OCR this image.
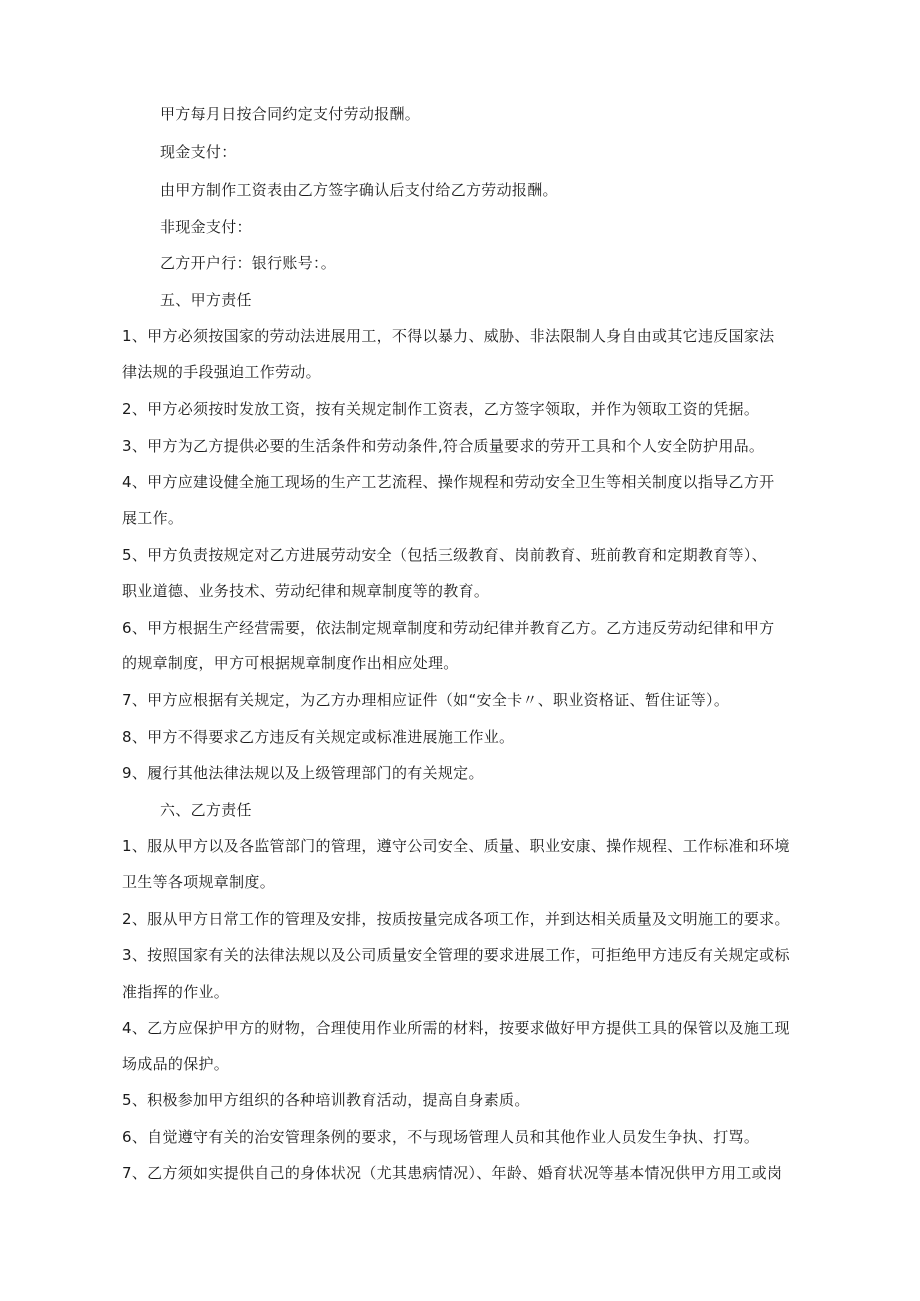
甲方每月日按合同约定支付劳动报酬。
现金支付：
由甲方制作工资表由乙方签字确认后支付给乙方劳动报酬。
非现金支付：
乙方开户行：银行账号：。
五、甲方责任
1、甲方必须按国家的劳动法进展用工，不得以暴力、威胁、非法限制人身自由或其它违反国家法
律法规的手段强迫工作劳动。
2、甲方必须按时发放工资，按有关规定制作工资表，乙方签字领取，并作为领取工资的凭据。
3、甲方为乙方提供必要的生活条件和劳动条件,符合质量要求的劳开工具和个人安全防护用品。
4、甲方应建设健全施工现场的生产工艺流程、操作规程和劳动安全卫生等相关制度以指导乙方开
展工作。
5、甲方负责按规定对乙方进展劳动安全（包括三级教育、岗前教育、班前教育和定期教育等）、
职业道德、业务技术、劳动纪律和规章制度等的教育。
6、甲方根据生产经营需要，依法制定规章制度和劳动纪律并教育乙方。乙方违反劳动纪律和甲方
的规章制度，甲方可根据规章制度作出相应处理。
7、甲方应根据有关规定，为乙方办理相应证件（如“安全卡〃、职业资格证、暂住证等）。
8、甲方不得要求乙方违反有关规定或标准进展施工作业。
9、履行其他法律法规以及上级管理部门的有关规定。
六、乙方责任
1、服从甲方以及各监管部门的管理，遵守公司安全、质量、职业安康、操作规程、工作标准和环境
卫生等各项规章制度。
2、服从甲方日常工作的管理及安排，按质按量完成各项工作，并到达相关质量及文明施工的要求。
3、按照国家有关的法律法规以及公司质量安全管理的要求进展工作，可拒绝甲方违反有关规定或标
准指挥的作业。
4、乙方应保护甲方的财物，合理使用作业所需的材料，按要求做好甲方提供工具的保管以及施工现
场成品的保护。
5、积极参加甲方组织的各种培训教育活动，提高自身素质。
6、自觉遵守有关的治安管理条例的要求，不与现场管理人员和其他作业人员发生争执、打骂。
7、乙方须如实提供自己的身体状况（尤其患病情况）、年龄、婚育状况等基本情况供甲方用工或岗
